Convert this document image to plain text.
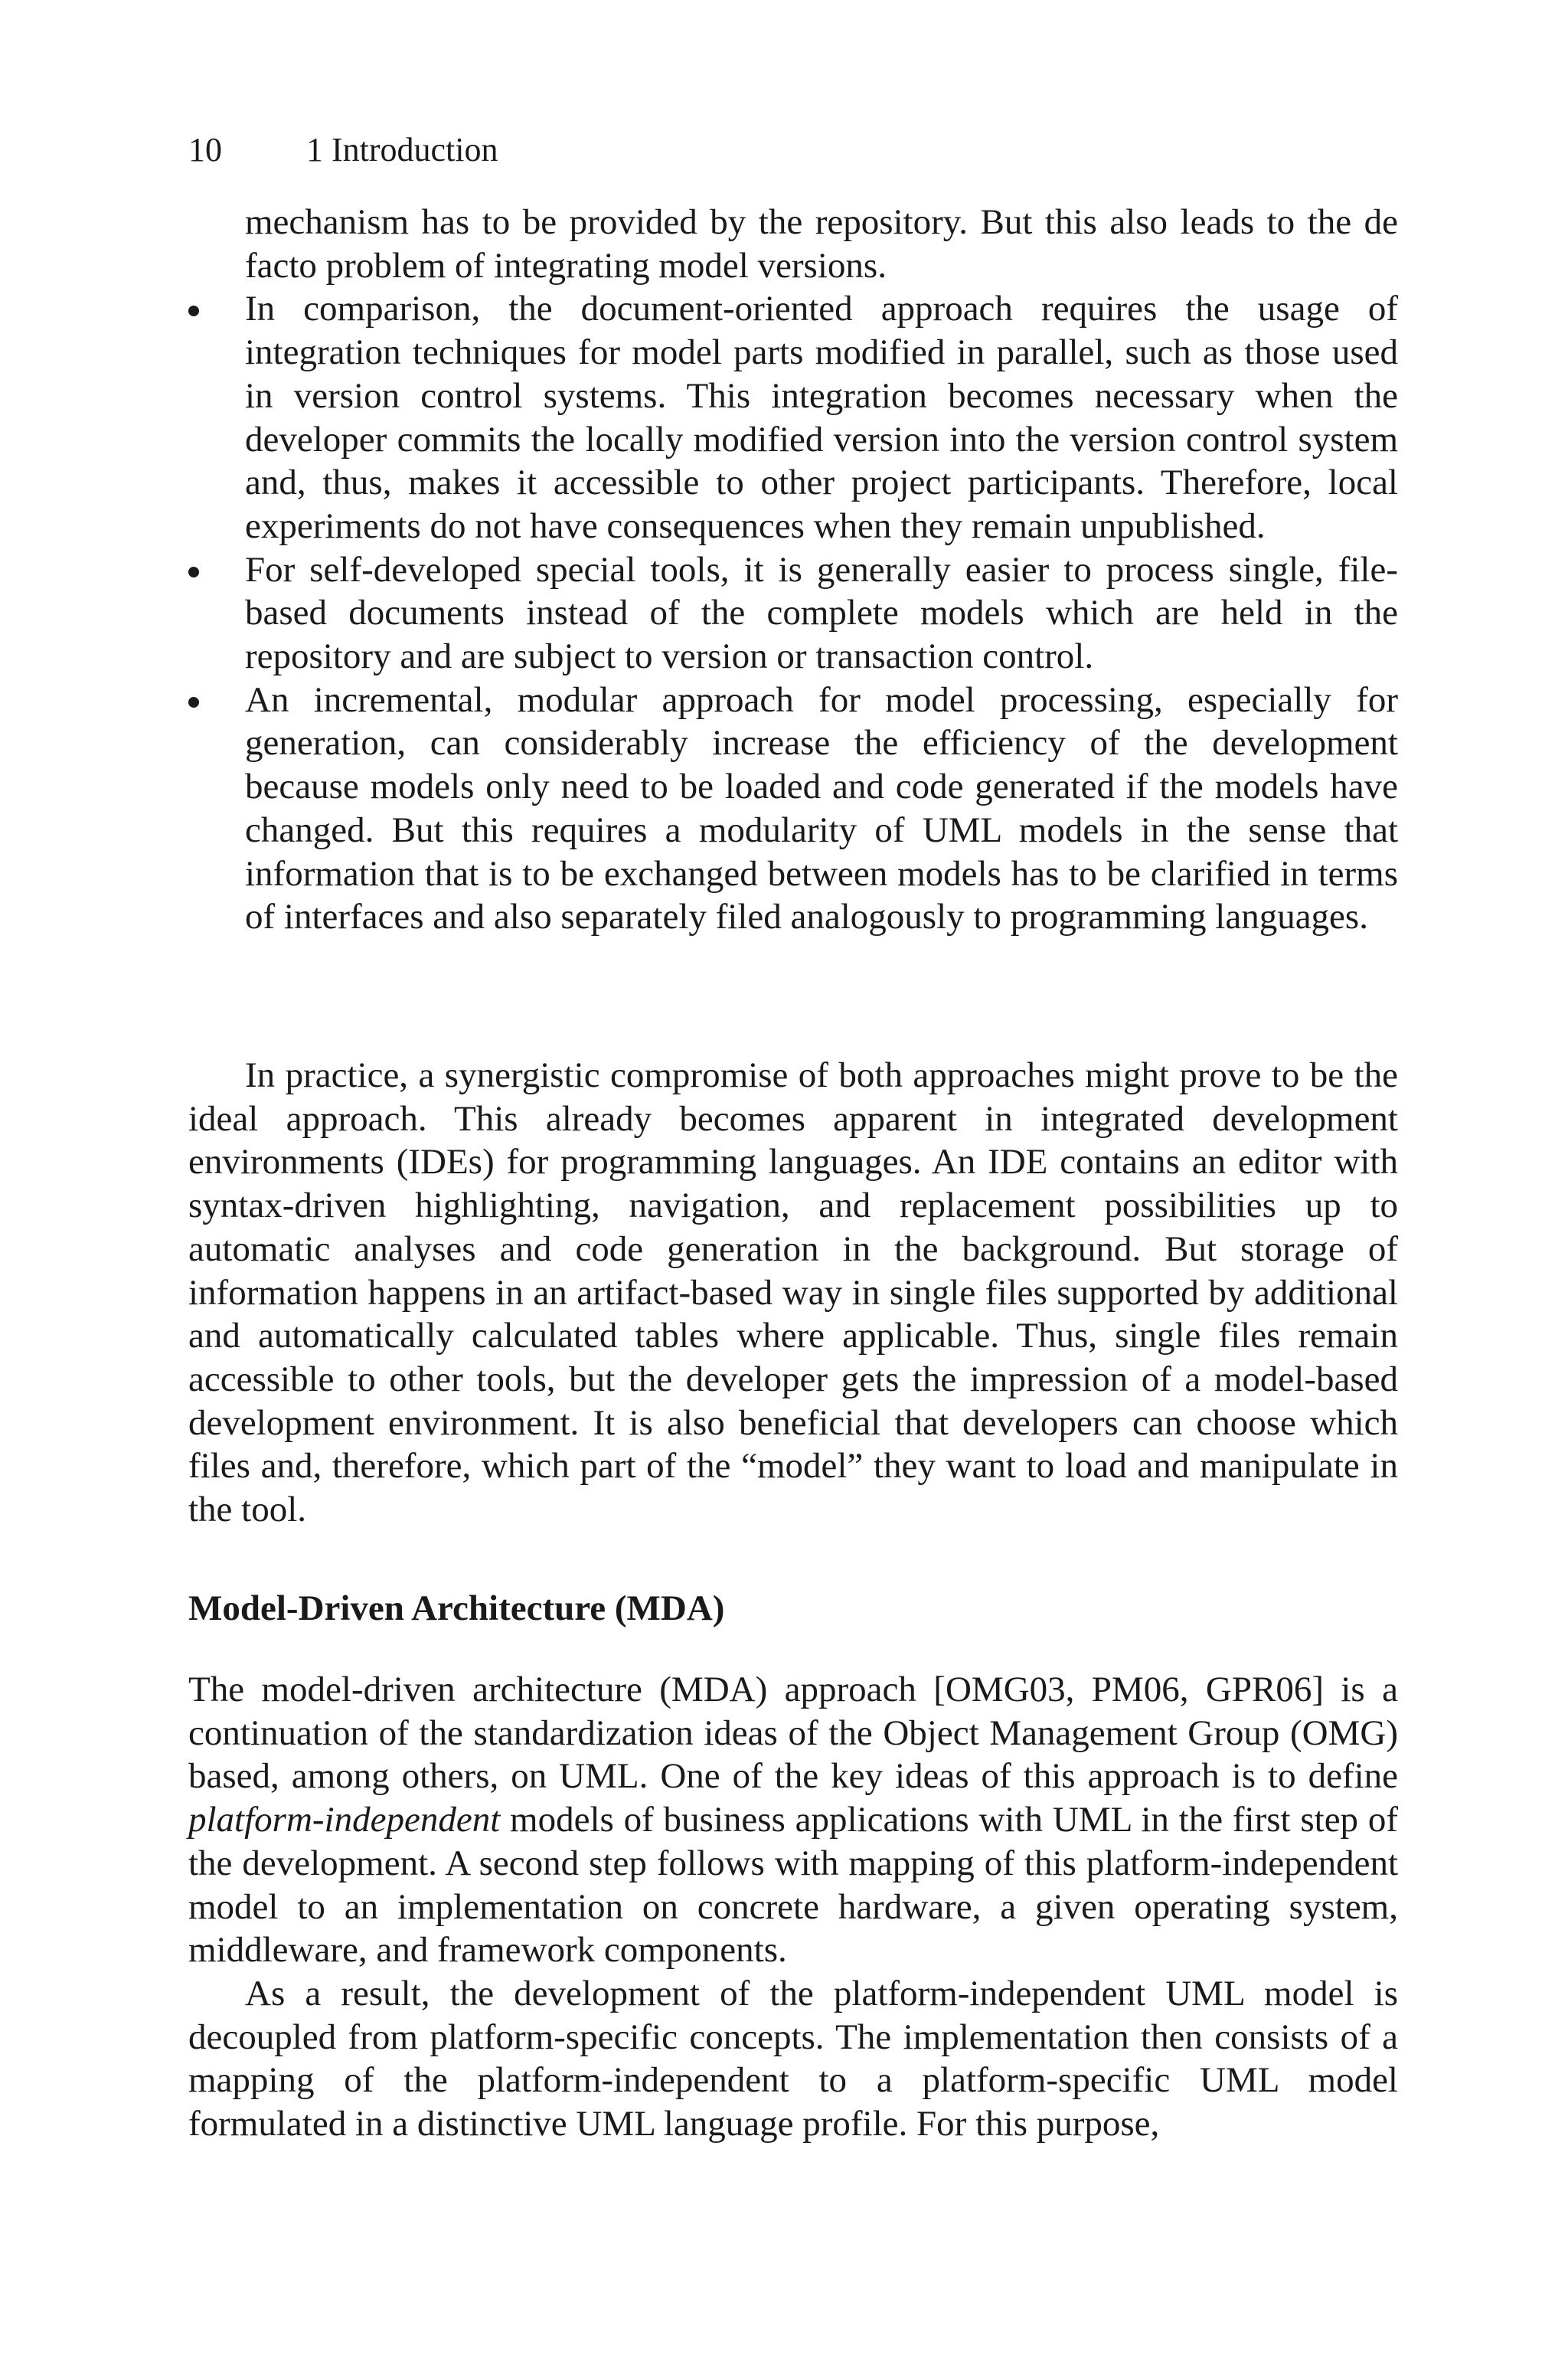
10	1 Introduction
mechanism has to be provided by the repository. But this also leads to the de facto problem of integrating model versions.
In comparison, the document-oriented approach requires the usage of integration techniques for model parts modified in parallel, such as those used in version control systems. This integration becomes necessary when the developer commits the locally modified version into the version control system and, thus, makes it accessible to other project participants. Therefore, local experiments do not have consequences when they remain unpublished.
For self-developed special tools, it is generally easier to process single, file-based documents instead of the complete models which are held in the repository and are subject to version or transaction control.
An incremental, modular approach for model processing, especially for generation, can considerably increase the efficiency of the development because models only need to be loaded and code generated if the models have changed. But this requires a modularity of UML models in the sense that information that is to be exchanged between models has to be clarified in terms of interfaces and also separately filed analogously to programming languages.

In practice, a synergistic compromise of both approaches might prove to be the ideal approach. This already becomes apparent in integrated development environments (IDEs) for programming languages. An IDE contains an editor with syntax-driven highlighting, navigation, and replacement possibilities up to automatic analyses and code generation in the background. But storage of information happens in an artifact-based way in single files supported by additional and automatically calculated tables where applicable. Thus, single files remain accessible to other tools, but the developer gets the impression of a model-based development environment. It is also beneficial that developers can choose which files and, therefore, which part of the “model” they want to load and manipulate in the tool.

Model-Driven Architecture (MDA)

The model-driven architecture (MDA) approach [OMG03, PM06, GPR06] is a continuation of the standardization ideas of the Object Management Group (OMG) based, among others, on UML. One of the key ideas of this approach is to define platform-independent models of business applications with UML in the first step of the development. A second step follows with mapping of this platform-independent model to an implementation on concrete hardware, a given operating system, middleware, and framework components.

As a result, the development of the platform-independent UML model is decoupled from platform-specific concepts. The implementation then consists of a mapping of the platform-independent to a platform-specific UML model formulated in a distinctive UML language profile. For this purpose,
